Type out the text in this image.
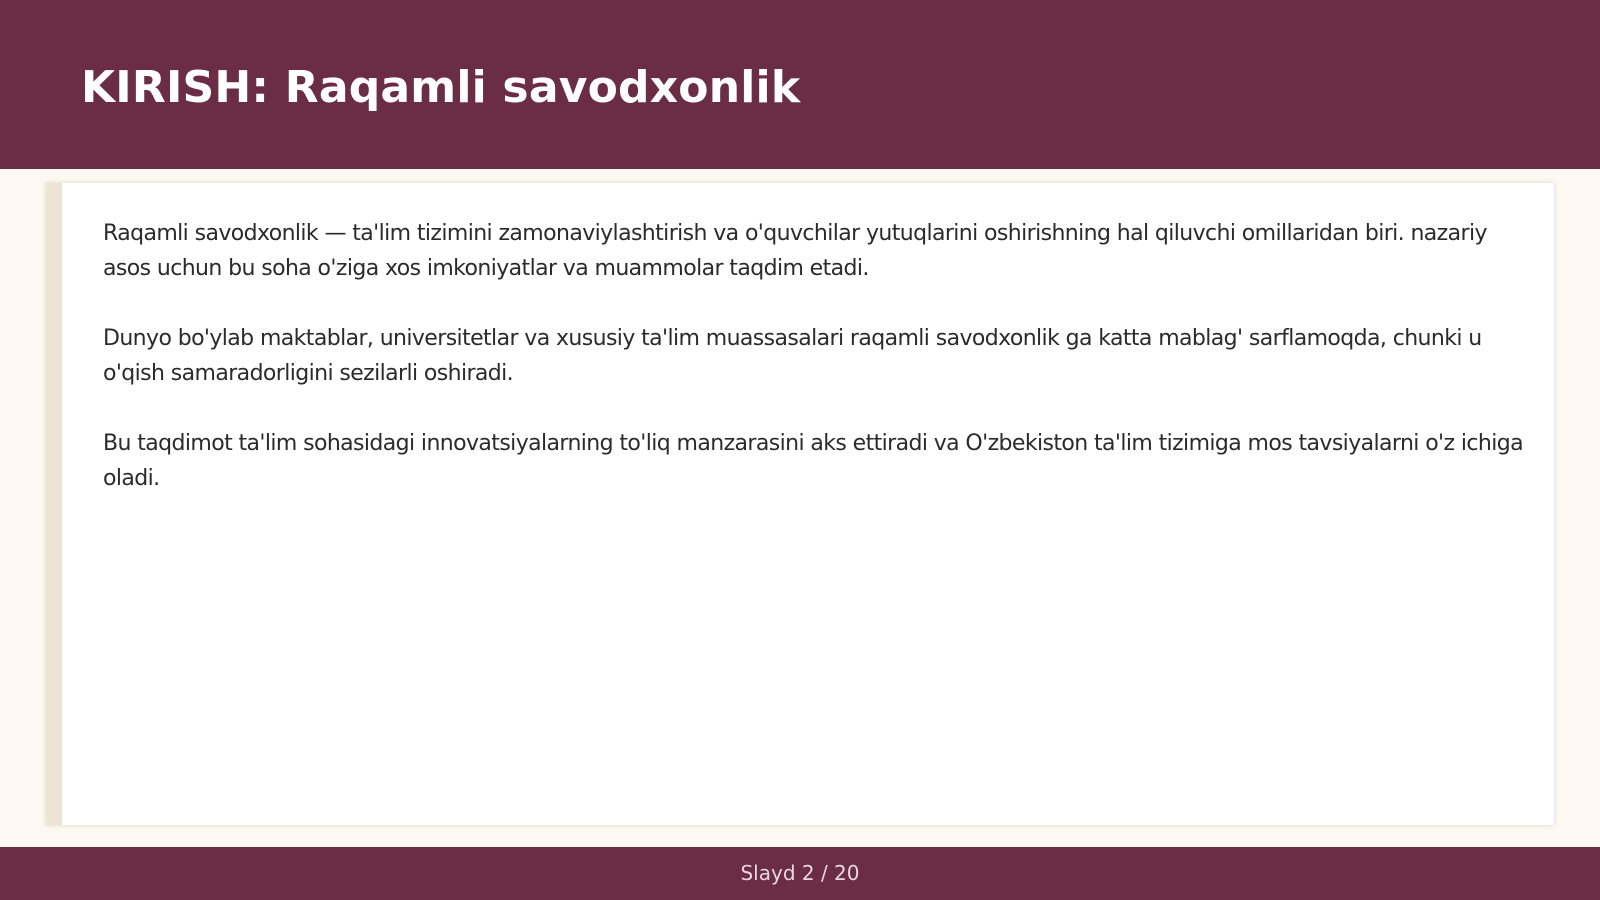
KIRISH: Raqamli savodxonlik

Raqamli savodxonlik — ta'lim tizimini zamonaviylashtirish va o'quvchilar yutuqlarini oshirishning hal qiluvchi omillaridan biri. nazariy asos uchun bu soha o'ziga xos imkoniyatlar va muammolar taqdim etadi.

Dunyo bo'ylab maktablar, universitetlar va xususiy ta'lim muassasalari raqamli savodxonlik ga katta mablag' sarflamoqda, chunki u o'qish samaradorligini sezilarli oshiradi.

Bu taqdimot ta'lim sohasidagi innovatsiyalarning to'liq manzarasini aks ettiradi va O'zbekiston ta'lim tizimiga mos tavsiyalarni o'z ichiga oladi.

Slayd 2 / 20
